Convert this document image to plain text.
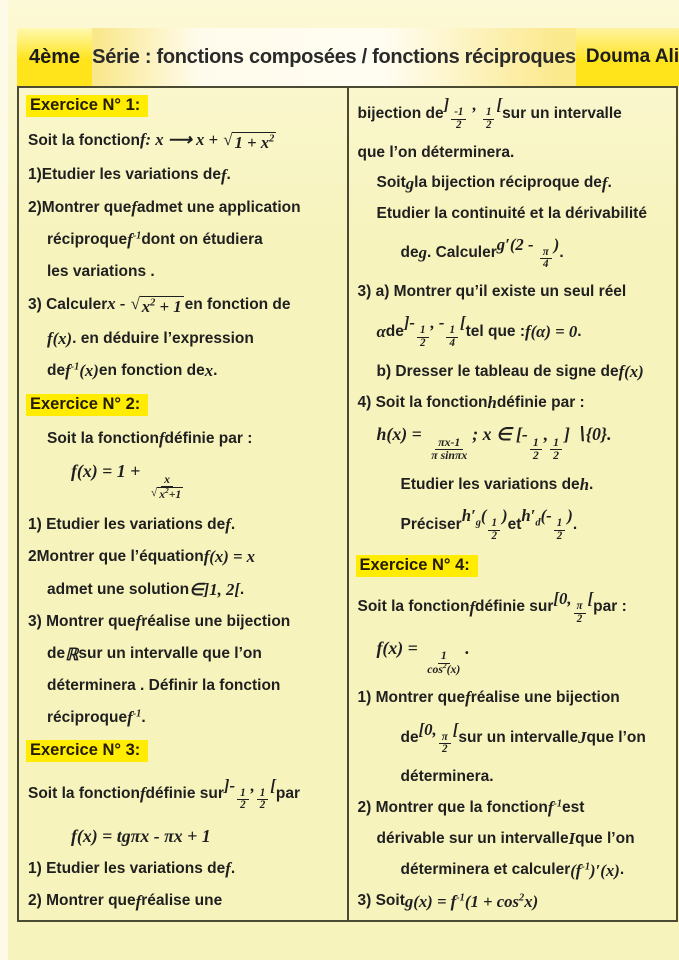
4ème Série : fonctions composées / fonctions réciproques Douma Ali
Exercice N° 1:
Soit la fonction f: x ⟶ x + √ $1 + x^2$
1)Etudier les variations de f .
2)Montrer que f admet une application
réciproque $f^{-1}$ dont on étudiera
les variations .
3) Calculer x - √ $x^2 + 1$ en fonction de
f(x) . en déduire l’expression
de $f^{-1}(x)$ en fonction de x .
Exercice N° 2:
Soit la fonction f définie par :
f(x) = 1 +
$\frac{x}{√ x^2+1}$
1) Etudier les variations de f .
2Montrer que l’équation f(x) = x
admet une solution ∈ ]1, 2[ .
3) Montrer que f réalise une bijection
de ℝ sur un intervalle que l’on
déterminera . Définir la fonction
réciproque $f^{-1}$ .
Exercice N° 3:
Soit la fonction f définie sur ]-
$\frac{1}{2}$
,
$\frac{1}{2}$
[ par
f(x) = tgπx - πx + 1
1) Etudier les variations de f .
2) Montrer que f réalise une
bijection de ]
$\frac{-1}{2}$
,
$\frac{1}{2}$
[ sur un intervalle
que l’on déterminera.
Soit g la bijection réciproque de f .
Etudier la continuité et la dérivabilité
de g . Calculer g′(2 -
$\frac{\pi}{4}$
) .
3) a) Montrer qu’il existe un seul réel
α de ]-
$\frac{1}{2}$
, -
$\frac{1}{4}$
[ tel que : f(α) = 0 .
b) Dresser le tableau de signe de f(x)
4) Soit la fonction h définie par :
h(x) =
$\frac{\pi x-1}{\text{π sinπx}}$
; x ∈ [-
$\frac{1}{2}$
,
$\frac{1}{2}$
] ∖{0}.
Etudier les variations de h .
Préciser $h'_g$(
$\frac{1}{2}$
) et $h'_d(-$
$\frac{1}{2}$
) .
Exercice N° 4:
Soit la fonction f définie sur [0,
$\frac{\pi}{2}$
[ par :
f(x) =
$\frac{1}{\cos^2(x)}$
.
1) Montrer que f réalise une bijection
de [0,
$\frac{\pi}{2}$
[ sur un intervalle J que l’on
déterminera.
2) Montrer que la fonction $f^{-1}$ est
dérivable sur un intervalle I que l’on
déterminera et calculer $(f^{-1})'(x)$ .
3) Soit $g(x) = f^{-1}(1 + \cos^2x)$
